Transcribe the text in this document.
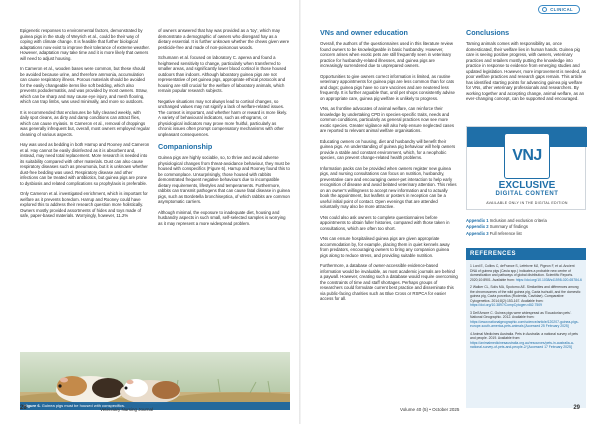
CLINICAL

Epigenetic responses to environmental factors, demonstrated by guinea pigs in the study of Weyrich et al., could be their way of coping with climate change. It is feasible that further biological adaptations now exist to improve their tolerance of extreme weather. However, adaptation may take time and it is more likely that owners will need to adjust housing.

In Cameron et al., wooden bases were common, but these should be avoided because urine, and therefore ammonia, accumulation can cause respiratory illness. Porous materials should be avoided for the easily changeable items like soft bedding, which also prevents pododermatitis, and was provided by most owners. Straw, which can be sharp and may cause eye injury, and mesh flooring, which can trap limbs, was used minimally, and more so outdoors.

It is recommended that enclosures be fully cleaned weekly, with daily spot cleans, as dirty and damp conditions can attract flies, which can cause myiasis. In Cameron et al., removal of droppings was generally infrequent but, overall, most owners employed regular cleaning of various aspects.

Hay was used as bedding in both Harrup and Rooney and Cameron et al. Hay cannot be easily disinfected as it is absorbent and, instead, may need total replacement. More research is needed into its suitability compared with other materials. Dust can also cause respiratory diseases such as pneumonia, but it is unknown whether dust-free bedding was used. Respiratory disease and other infections can be treated with antibiotics, but guinea pigs are prone to dysbiosis and related complications so prophylaxis is preferable.

Only Cameron et al. investigated enrichment, which is important for welfare as it prevents boredom. Harrup and Rooney could have explored this to address their research question more holistically. Owners mostly provided assortments of hides and toys made of safe, paper-based materials. Worryingly, however, 11.2%

of owners answered that hay was provided as a 'toy', which may demonstrate a demographic of owners who disregard hay as a dietary essential. It is further unknown whether the chews given were pesticide-free and made of non-poisonous woods.

Schumann et al. focused on laboratory C. aperea and found a heightened sensitivity to change, particularly when transferred to smaller areas, and significantly lower blood cortisol in those housed outdoors than indoors. Although laboratory guinea pigs are not representative of pet guinea pigs, appropriate ethical protocols and housing are still crucial for the welfare of laboratory animals, which remain popular research subjects.

Negative situations may not always lead to cortisol changes, so unchanged values may not signify a lack of welfare-related issues. The context is important, and whether harm or reward is more likely. A variety of behavioural indicators, such as ethograms, or physiological indicators may prove more fruitful, particularly as chronic issues often prompt compensatory mechanisms with other unpleasant consequences.

Companionship

Guinea pigs are highly sociable, so, to thrive and avoid adverse physiological changes from threat-avoidance behaviour, they must be housed with conspecifics (Figure 6). Harrup and Rooney found this to be commonplace. Unsurprisingly, those housed with rabbits demonstrated frequent negative behaviours due to incompatible dietary requirements, lifestyles and temperaments. Furthermore, rabbits can transmit pathogens that can cause fatal disease in guinea pigs, such as Bordetella bronchiseptica, of which rabbits are common asymptomatic carriers.

Although minimal, the exposure to inadequate diet, housing and husbandry aspects in such small, self-selected samples is worrying as it may represent a more widespread problem.

Figure 6. Guinea pigs must be housed with conspecifics.
VNs and owner education

Overall, the authors of the questionnaires used in this literature review found owners to be knowledgeable in basic husbandry. However, concern arises when exotic pets are still frequently seen in veterinary practice for husbandry-related illnesses, and guinea pigs are increasingly surrendered due to unprepared owners.

Opportunities to give owners correct information is limited, as routine veterinary appointments for guinea pigs are less common than for cats and dogs; guinea pigs have no core vaccines and are neutered less frequently. It is further arguable that, until pet shops consistently advise on appropriate care, guinea pig welfare is unlikely to progress.

VNs, as frontline advocates of animal welfare, can reinforce their knowledge by undertaking CPD in species-specific traits, needs and common conditions, particularly as general practices now see more exotic species. Greater vigilance will also help ensure neglected cases are reported to relevant animal welfare organisations.

Educating owners on housing, diet and husbandry will benefit their guinea pigs. An understanding of guinea pig behaviour will help owners provide a stable and constant environment, which, for a neophobic species, can prevent change-related health problems.

Information packs can be provided when owners register new guinea pigs, and nursing consultations can focus on nutrition, husbandry, preventative care and encouraging owner-pet interaction to help early recognition of disease and avoid belated veterinary attention. This relies on an owner's willingness to accept new information and to actually book the appointment, but leaflets or posters in reception can be a useful initial point of contact. Open evenings that are attended voluntarily may also be more attractive.

VNs could also ask owners to complete questionnaires before appointments to obtain fuller histories, compared with those taken in consultations, which are often too short.

VNs can ensure hospitalised guinea pigs are given appropriate accommodation by, for example, placing them in quiet kennels away from predators, encouraging owners to bring any companion guinea pigs along to reduce stress, and providing suitable nutrition.

Furthermore, a database of owner-accessible evidence-based information would be invaluable, as most academic journals are behind a paywall. However, creating such a database would require overcoming the constraints of time and staff shortages. Perhaps groups of researchers could formulate current best practice and disseminate this via public-facing charities such as Blue Cross or RSPCA for easier access for all.

Conclusions

Taming animals comes with responsibility as, once domesticated, their welfare lies in human hands. Guinea pig care is seeing positive progress, with owners, veterinary practices and retailers mostly putting the knowledge into practice in response to evidence from emerging studies and updated legislation. However, more improvement is needed, as poor welfare practices and research gaps remain. This article has identified starting points for advancing guinea pig welfare for VNs, other veterinary professionals and researchers. By working together and accepting change, animal welfare, as an ever-changing concept, can be supported and encouraged.

VNJ
EXCLUSIVE
DIGITAL CONTENT
AVAILABLE ONLY IN THE DIGITAL EDITION
Appendix 1 Inclusion and exclusion criteria
Appendix 2 Summary of findings
Appendix 3 Full reference list
REFERENCES
1 Lord E, Collins C, deFrance S, Lefebvre MJ, Pigeon F, et al. Ancient DNA of guinea pigs (Cavia spp.) indicates a probable new centre of domestication and pathways of global distribution. Scientific Reports. 2020;10:8901. Available from: https://doi.org/10.1038/s41598-020-65784-6
2 Walker CL, Solís MA, Spotorno AE. Similarities and differences among the chromosomes of the wild guinea pig, Cavia tschudii, and the domestic guinea pig, Cavia porcellus (Rodentia, Caviidae). Comparative Cytogenetics. 2014;8(2):153-167. Available from: https://doi.org/10.3897/CompCytogen.v8i2.7509
3 Dell'Amore C. Guinea pigs were widespread as 'Ecuadorian pets'. National Geographic. 2012. Available from: https://www.nationalgeographic.com/science/article/120207-guinea-pigs-europe-south-america-pets-animals [Accessed 25 February 2025]
4 Animal Medicines Australia. Pets in Australia: a national survey of pets and people. 2019. Available from: https://animalmedicinesaustralia.org.au/resources/pets-in-australia-a-national-survey-of-pets-and-people-2/ [Accessed 17 February 2025]
28	Veterinary Nursing Journal	Volume 40 (5) • October 2025	29
